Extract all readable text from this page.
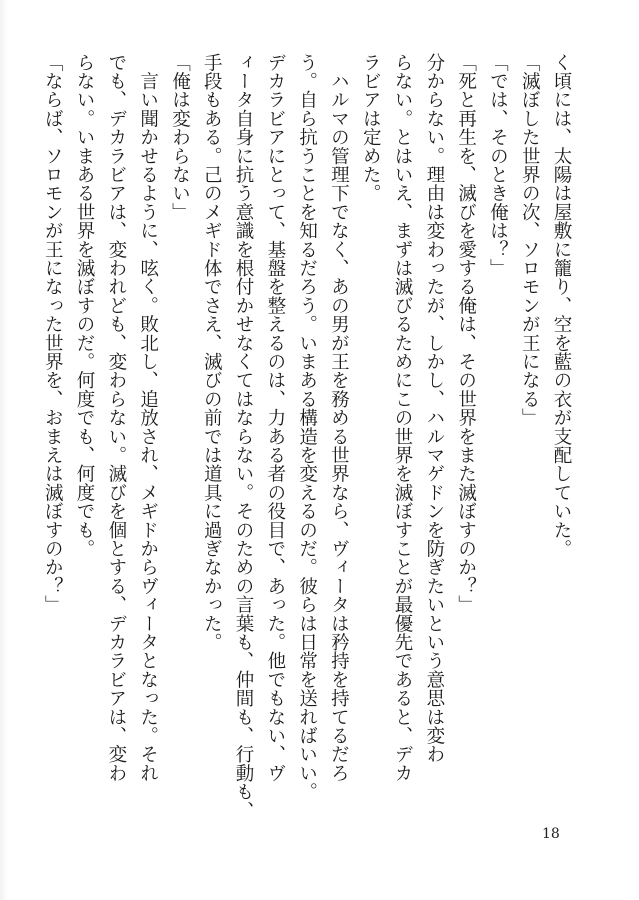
く頃には、太陽は屋敷に籠り、空を藍の衣が支配していた。
「滅ぼした世界の次、ソロモンが王になる」
「では、そのとき俺は？」
「死と再生を、滅びを愛する俺は、その世界をまた滅ぼすのか？」
分からない。理由は変わったが、しかし、ハルマゲドンを防ぎたいという意思は変わ
らない。とはいえ、まずは滅びるためにこの世界を滅ぼすことが最優先であると、デカ
ラビアは定めた。
　ハルマの管理下でなく、あの男が王を務める世界なら、ヴィータは矜持を持てるだろ
う。自ら抗うことを知るだろう。いまある構造を変えるのだ。彼らは日常を送ればいい。
デカラビアにとって、基盤を整えるのは、力ある者の役目で、あった。他でもない、ヴ
ィータ自身に抗う意識を根付かせなくてはならない。そのための言葉も、仲間も、行動も、
手段もある。己のメギド体でさえ、滅びの前では道具に過ぎなかった。
「俺は変わらない」
　言い聞かせるように、呟く。敗北し、追放され、メギドからヴィータとなった。それ
でも、デカラビアは、変われども、変わらない。滅びを個とする、デカラビアは、変わ
らない。いまある世界を滅ぼすのだ。何度でも、何度でも。
「ならば、ソロモンが王になった世界を、おまえは滅ぼすのか？」
18
